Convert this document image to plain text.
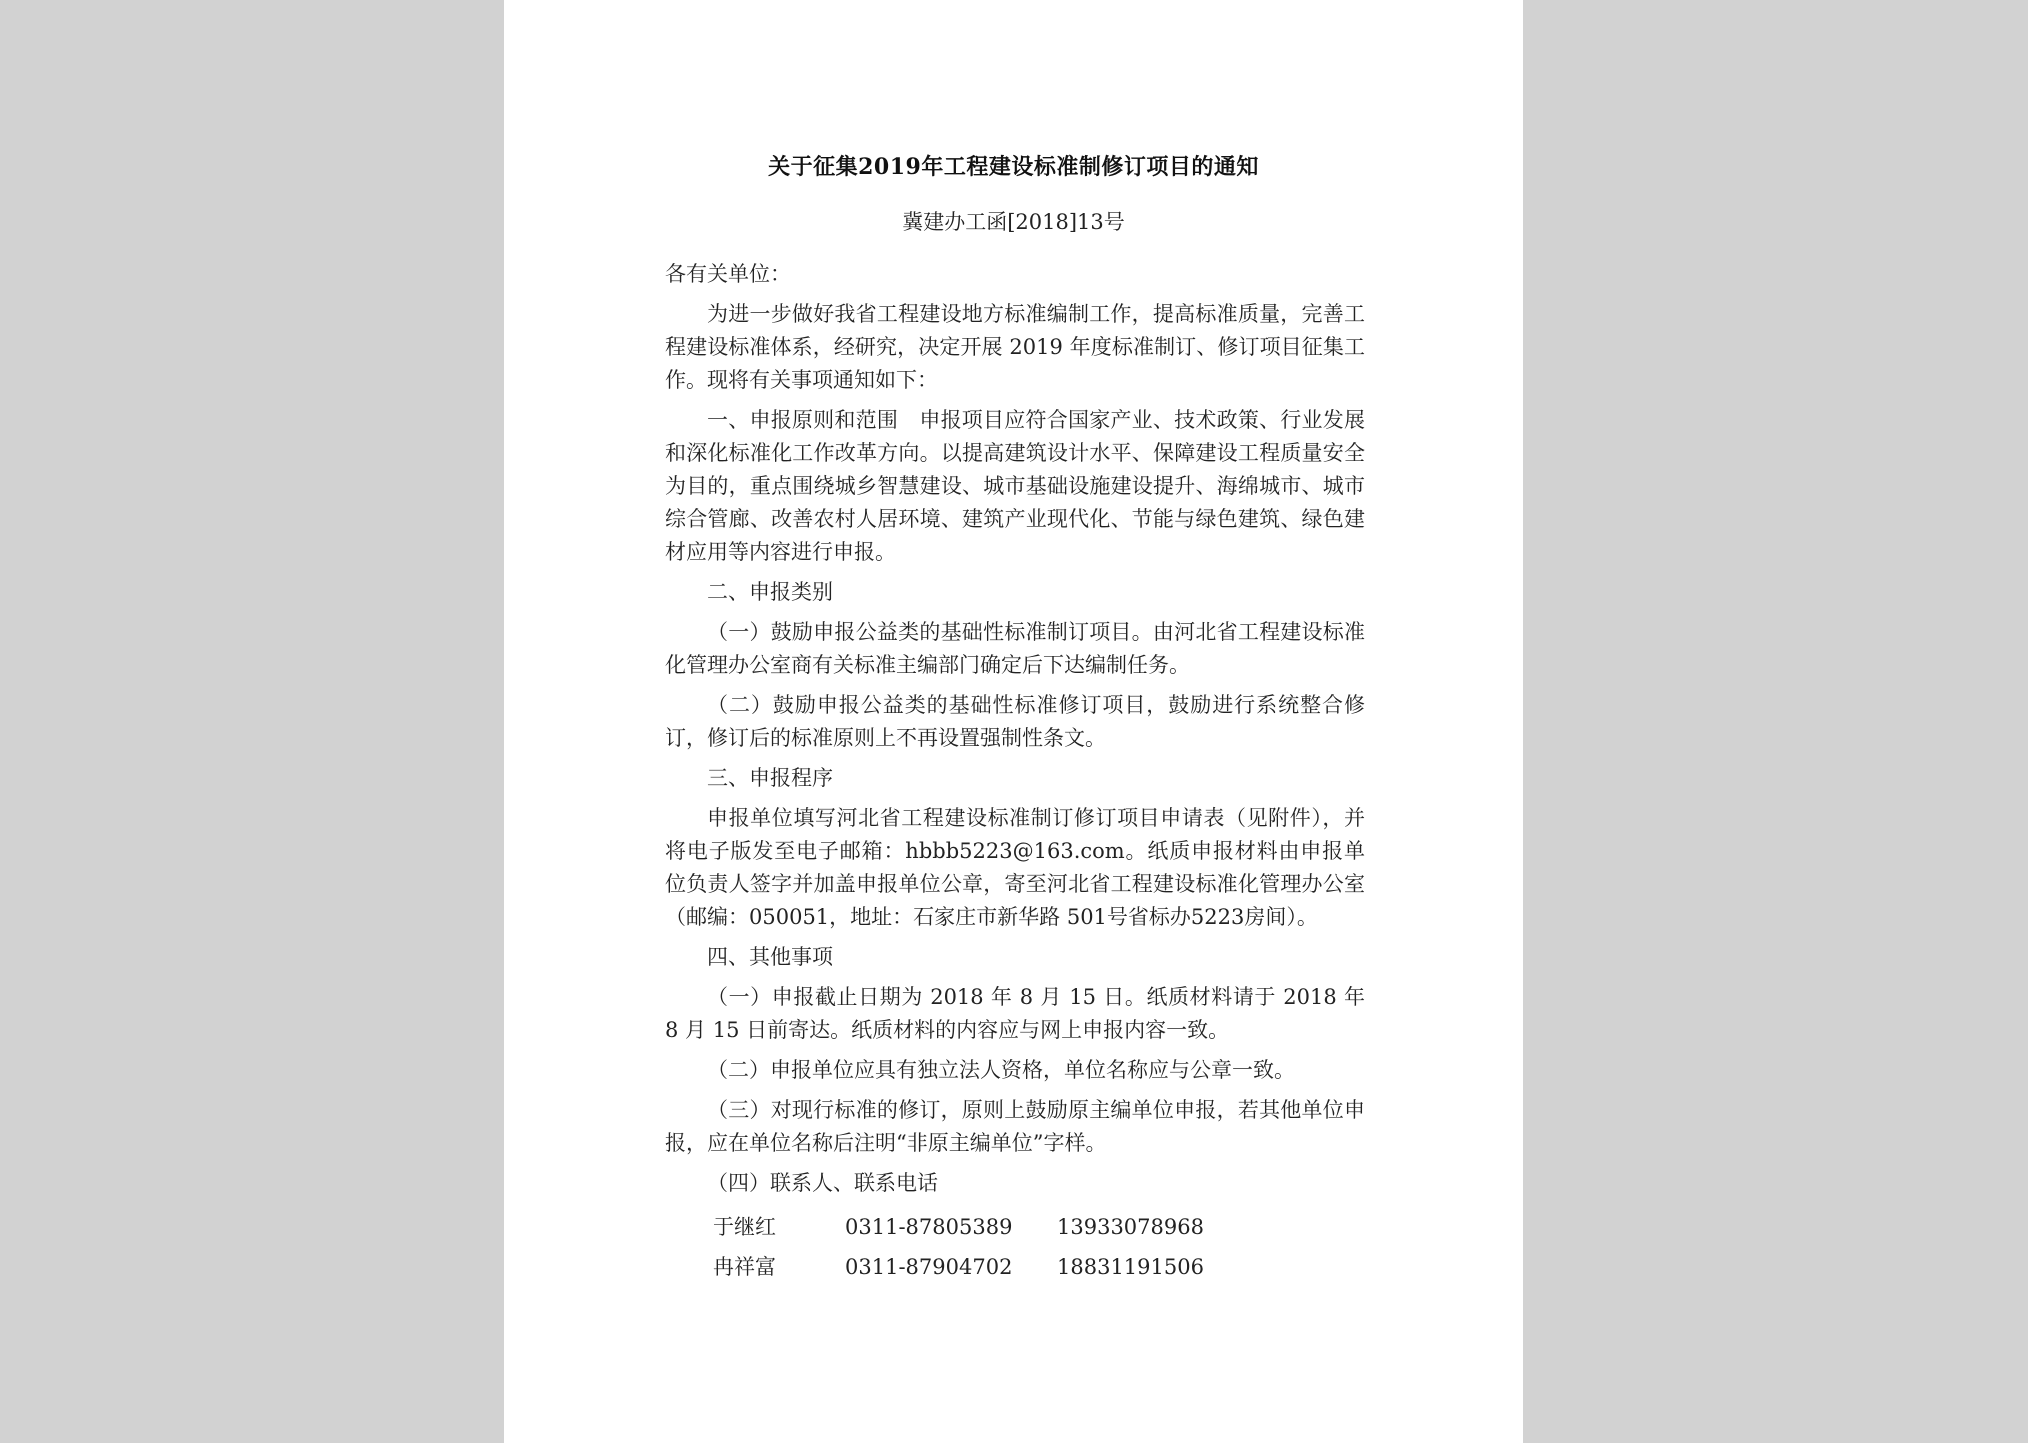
关于征集2019年工程建设标准制修订项目的通知
冀建办工函[2018]13号

各有关单位：

为进一步做好我省工程建设地方标准编制工作，提高标准质量，完善工程建设标准体系，经研究，决定开展 2019 年度标准制订、修订项目征集工作。现将有关事项通知如下：

一、申报原则和范围　申报项目应符合国家产业、技术政策、行业发展和深化标准化工作改革方向。以提高建筑设计水平、保障建设工程质量安全为目的，重点围绕城乡智慧建设、城市基础设施建设提升、海绵城市、城市综合管廊、改善农村人居环境、建筑产业现代化、节能与绿色建筑、绿色建材应用等内容进行申报。

二、申报类别

（一）鼓励申报公益类的基础性标准制订项目。由河北省工程建设标准化管理办公室商有关标准主编部门确定后下达编制任务。

（二）鼓励申报公益类的基础性标准修订项目，鼓励进行系统整合修订，修订后的标准原则上不再设置强制性条文。

三、申报程序

申报单位填写河北省工程建设标准制订修订项目申请表（见附件），并将电子版发至电子邮箱：hbbb5223@163.com。纸质申报材料由申报单位负责人签字并加盖申报单位公章，寄至河北省工程建设标准化管理办公室（邮编：050051，地址：石家庄市新华路 501号省标办5223房间）。

四、其他事项

（一）申报截止日期为 2018 年 8 月 15 日。纸质材料请于 2018 年 8 月 15 日前寄达。纸质材料的内容应与网上申报内容一致。

（二）申报单位应具有独立法人资格，单位名称应与公章一致。

（三）对现行标准的修订，原则上鼓励原主编单位申报，若其他单位申报，应在单位名称后注明“非原主编单位”字样。

（四）联系人、联系电话

于继红	0311-87805389	13933078968
冉祥富	0311-87904702	18831191506
